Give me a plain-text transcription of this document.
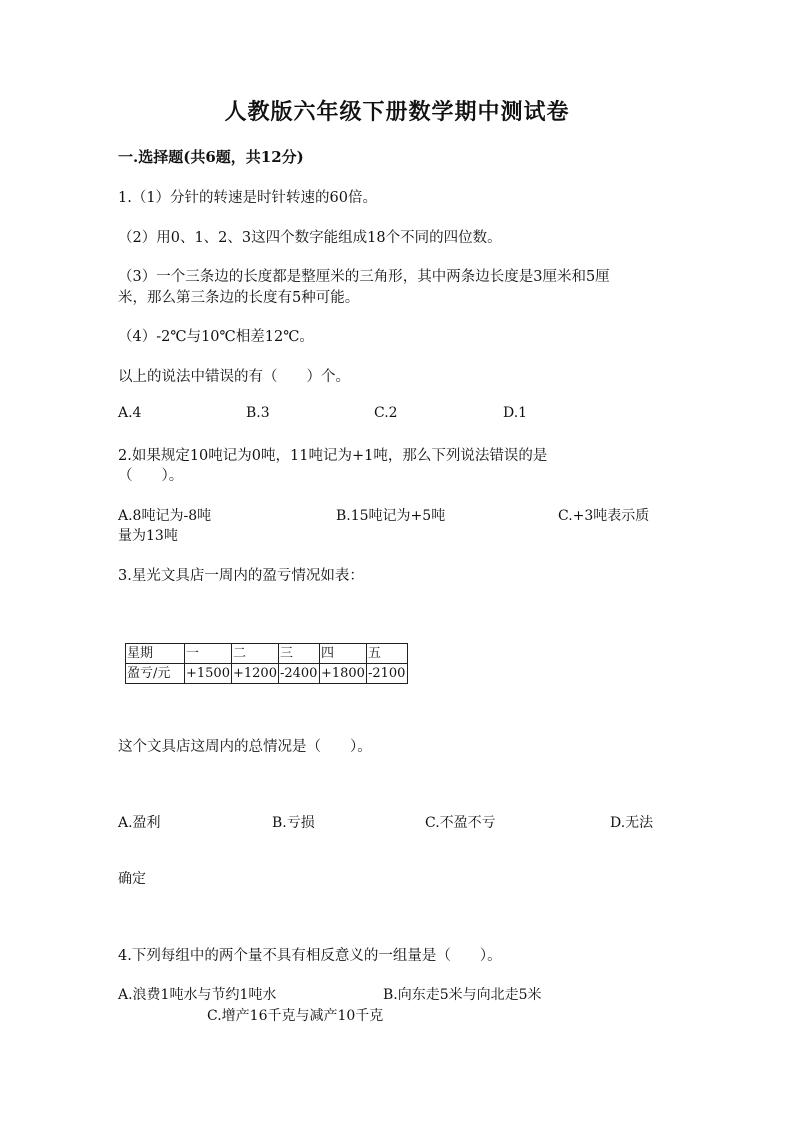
人教版六年级下册数学期中测试卷
一.选择题(共6题，共12分)
1.（1）分针的转速是时针转速的60倍。
（2）用0、1、2、3这四个数字能组成18个不同的四位数。
（3）一个三条边的长度都是整厘米的三角形，其中两条边长度是3厘米和5厘
米，那么第三条边的长度有5种可能。
（4）-2℃与10℃相差12℃。
以上的说法中错误的有（　　）个。
A.4	B.3	C.2	D.1
2.如果规定10吨记为0吨，11吨记为+1吨，那么下列说法错误的是
（　　）。
A.8吨记为-8吨	B.15吨记为+5吨	C.+3吨表示质
量为13吨
3.星光文具店一周内的盈亏情况如表：
星期	一	二	三	四	五
盈亏/元	+1500	+1200	-2400	+1800	-2100
这个文具店这周内的总情况是（　　）。
A.盈利	B.亏损	C.不盈不亏	D.无法
确定
4.下列每组中的两个量不具有相反意义的一组量是（　　）。
A.浪费1吨水与节约1吨水	B.向东走5米与向北走5米
C.增产16千克与减产10千克
